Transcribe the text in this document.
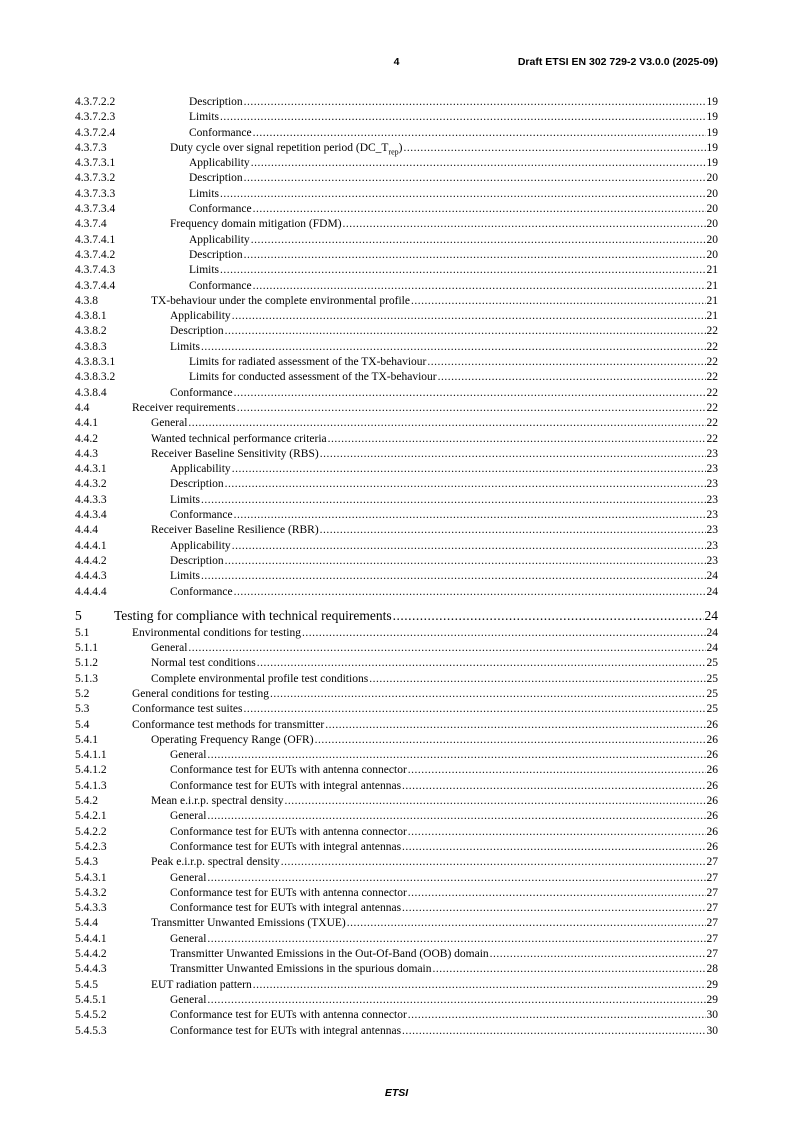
4	Draft ETSI EN 302 729-2 V3.0.0 (2025-09)
4.3.7.2.2	Description .....	19
4.3.7.2.3	Limits .....	19
4.3.7.2.4	Conformance .....	19
4.3.7.3	Duty cycle over signal repetition period $(DC\_T_{rep})$ .....	19
4.3.7.3.1	Applicability .....	19
4.3.7.3.2	Description .....	20
4.3.7.3.3	Limits .....	20
4.3.7.3.4	Conformance .....	20
4.3.7.4	Frequency domain mitigation (FDM) .....	20
4.3.7.4.1	Applicability .....	20
4.3.7.4.2	Description .....	20
4.3.7.4.3	Limits .....	21
4.3.7.4.4	Conformance .....	21
4.3.8	TX-behaviour under the complete environmental profile .....	21
4.3.8.1	Applicability .....	21
4.3.8.2	Description .....	22
4.3.8.3	Limits .....	22
4.3.8.3.1	Limits for radiated assessment of the TX-behaviour .....	22
4.3.8.3.2	Limits for conducted assessment of the TX-behaviour .....	22
4.3.8.4	Conformance .....	22
4.4	Receiver requirements .....	22
4.4.1	General .....	22
4.4.2	Wanted technical performance criteria .....	22
4.4.3	Receiver Baseline Sensitivity (RBS) .....	23
4.4.3.1	Applicability .....	23
4.4.3.2	Description .....	23
4.4.3.3	Limits .....	23
4.4.3.4	Conformance .....	23
4.4.4	Receiver Baseline Resilience (RBR) .....	23
4.4.4.1	Applicability .....	23
4.4.4.2	Description .....	23
4.4.4.3	Limits .....	24
4.4.4.4	Conformance .....	24
5 Testing for compliance with technical requirements .....	24
5.1	Environmental conditions for testing .....	24
5.1.1	General .....	24
5.1.2	Normal test conditions .....	25
5.1.3	Complete environmental profile test conditions .....	25
5.2	General conditions for testing .....	25
5.3	Conformance test suites .....	25
5.4	Conformance test methods for transmitter .....	26
5.4.1	Operating Frequency Range (OFR) .....	26
5.4.1.1	General .....	26
5.4.1.2	Conformance test for EUTs with antenna connector .....	26
5.4.1.3	Conformance test for EUTs with integral antennas .....	26
5.4.2	Mean e.i.r.p. spectral density .....	26
5.4.2.1	General .....	26
5.4.2.2	Conformance test for EUTs with antenna connector .....	26
5.4.2.3	Conformance test for EUTs with integral antennas .....	26
5.4.3	Peak e.i.r.p. spectral density .....	27
5.4.3.1	General .....	27
5.4.3.2	Conformance test for EUTs with antenna connector .....	27
5.4.3.3	Conformance test for EUTs with integral antennas .....	27
5.4.4	Transmitter Unwanted Emissions (TXUE) .....	27
5.4.4.1	General .....	27
5.4.4.2	Transmitter Unwanted Emissions in the Out-Of-Band (OOB) domain .....	27
5.4.4.3	Transmitter Unwanted Emissions in the spurious domain .....	28
5.4.5	EUT radiation pattern .....	29
5.4.5.1	General .....	29
5.4.5.2	Conformance test for EUTs with antenna connector .....	30
5.4.5.3	Conformance test for EUTs with integral antennas .....	30
ETSI
